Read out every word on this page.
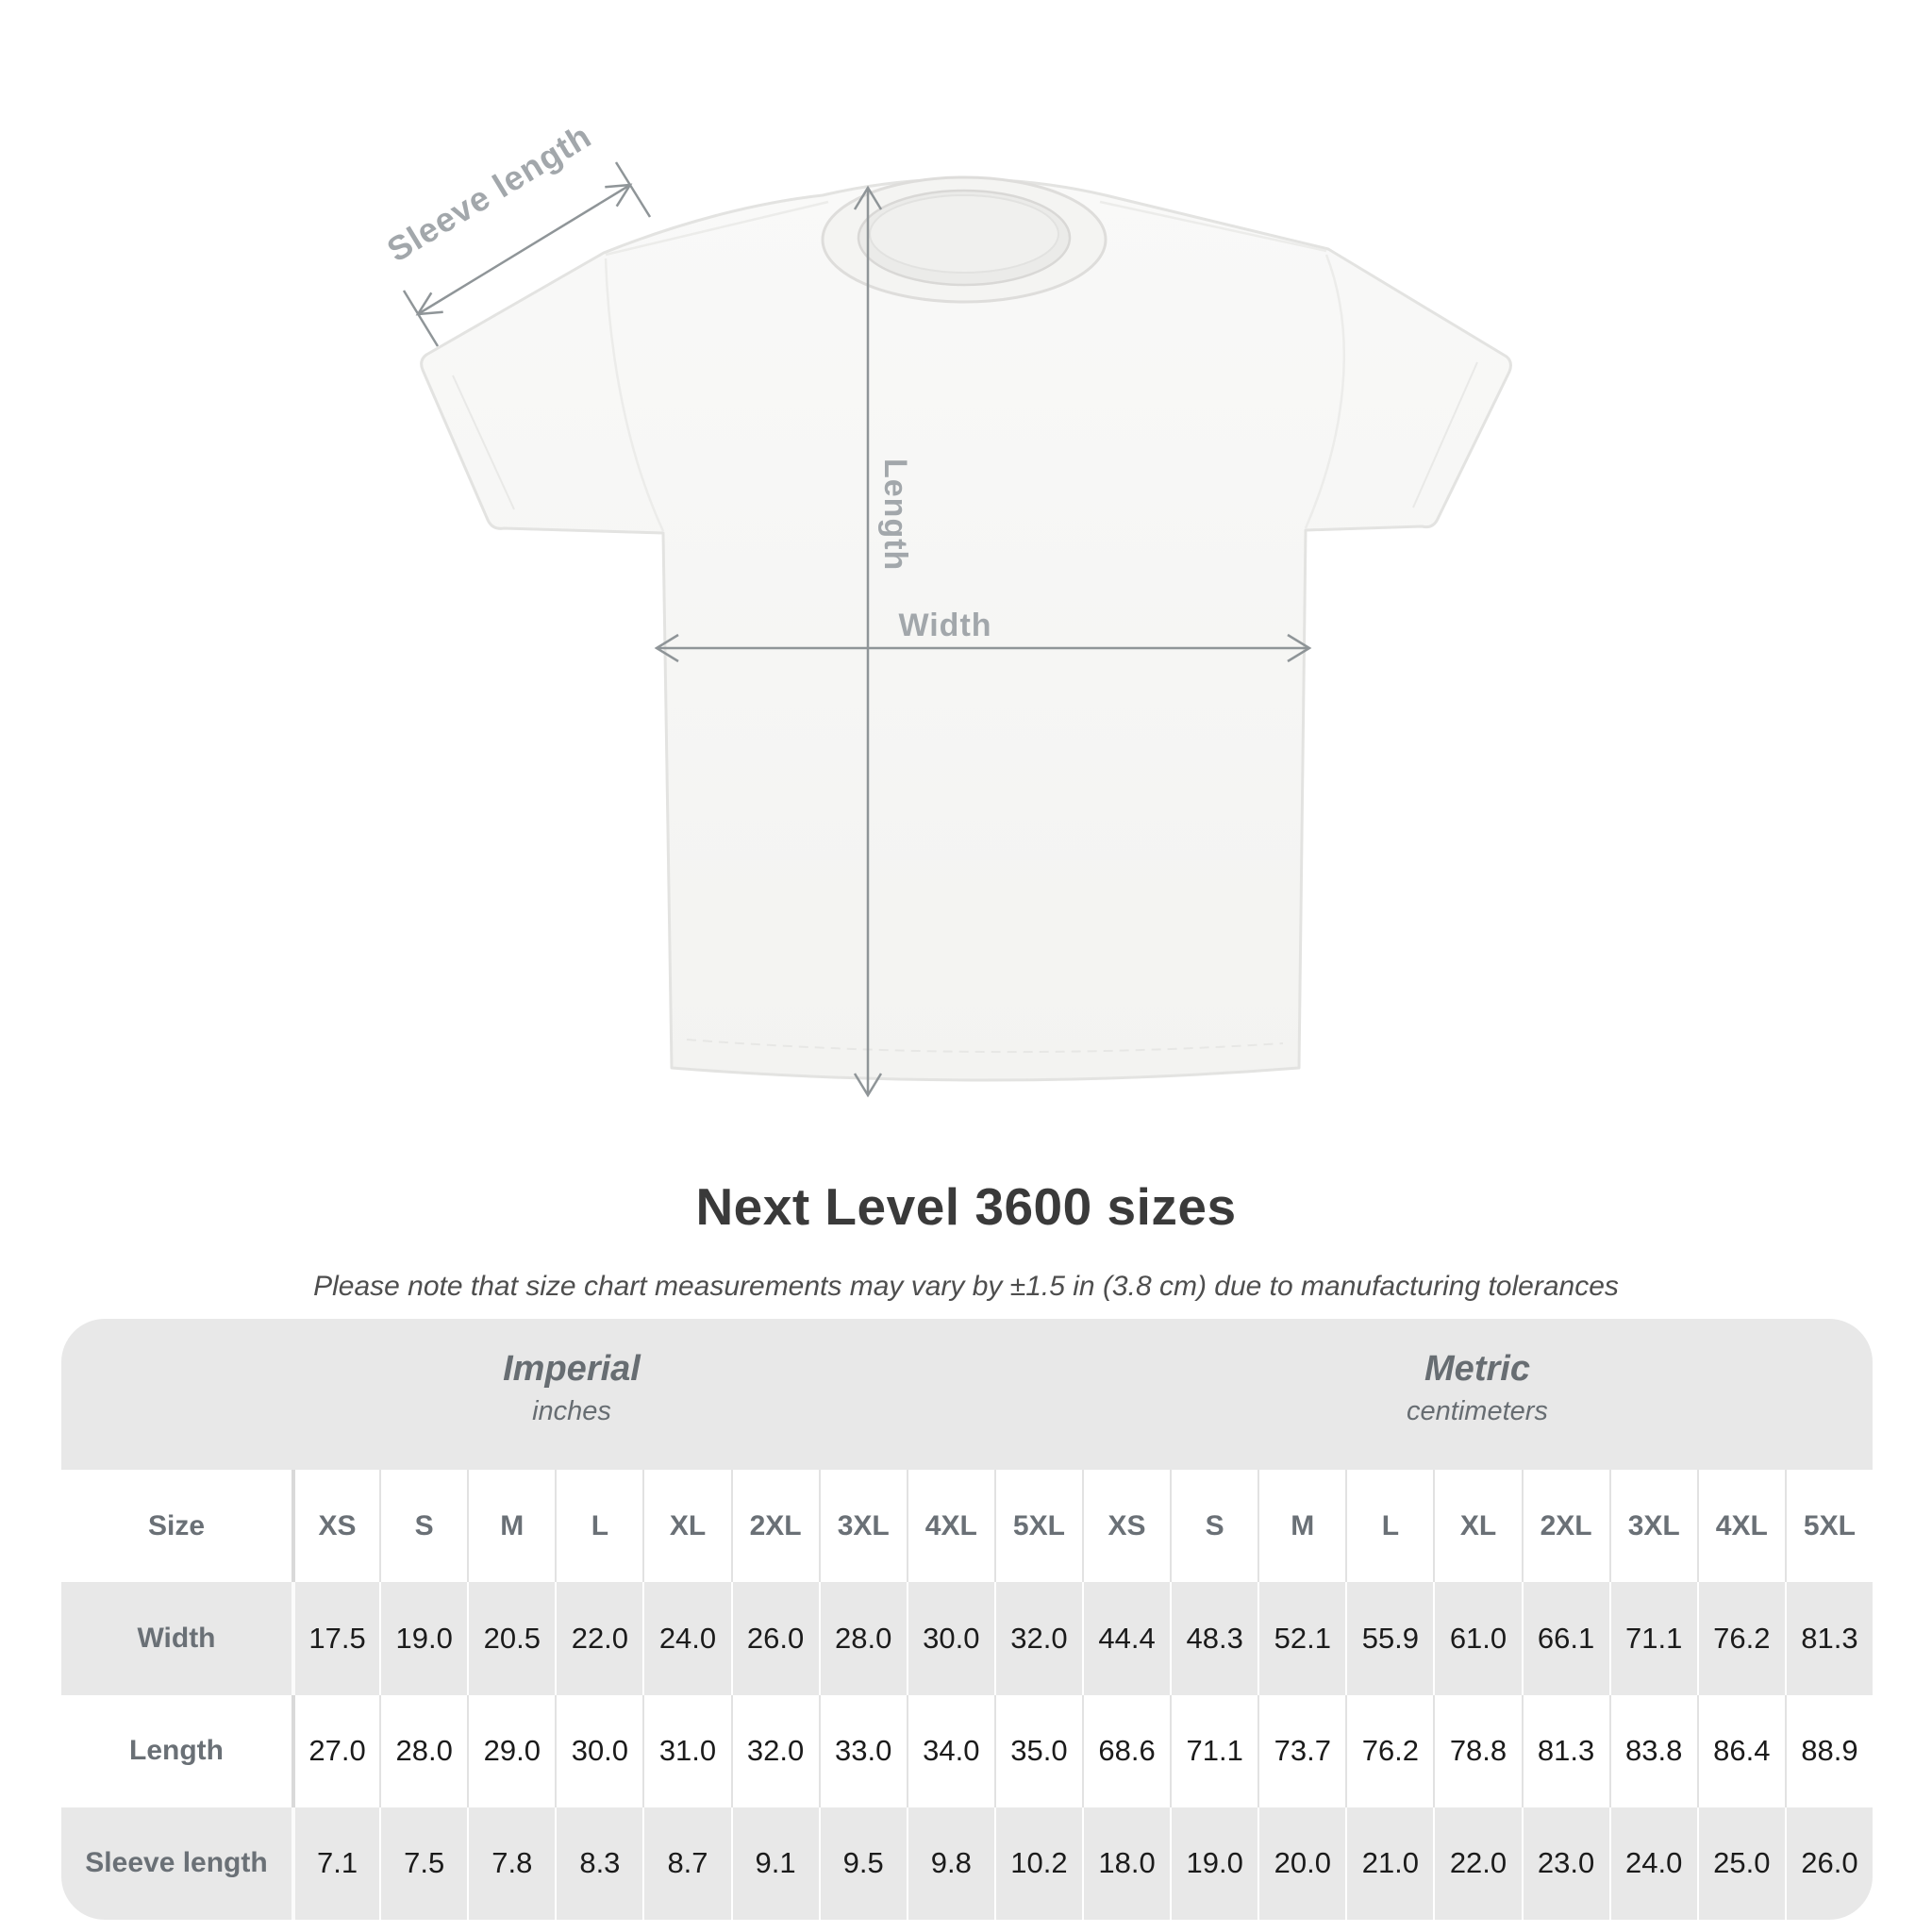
Length
Width
Sleeve length
Next Level 3600 sizes
Please note that size chart measurements may vary by ±1.5 in (3.8 cm) due to manufacturing tolerances
Imperial
inches
Metric
centimeters
Size	XS	S	M	L	XL	2XL	3XL	4XL	5XL	XS	S	M	L	XL	2XL	3XL	4XL	5XL
Width	17.5	19.0	20.5	22.0	24.0	26.0	28.0	30.0	32.0	44.4	48.3	52.1	55.9	61.0	66.1	71.1	76.2	81.3
Length	27.0	28.0	29.0	30.0	31.0	32.0	33.0	34.0	35.0	68.6	71.1	73.7	76.2	78.8	81.3	83.8	86.4	88.9
Sleeve length	7.1	7.5	7.8	8.3	8.7	9.1	9.5	9.8	10.2	18.0	19.0	20.0	21.0	22.0	23.0	24.0	25.0	26.0
